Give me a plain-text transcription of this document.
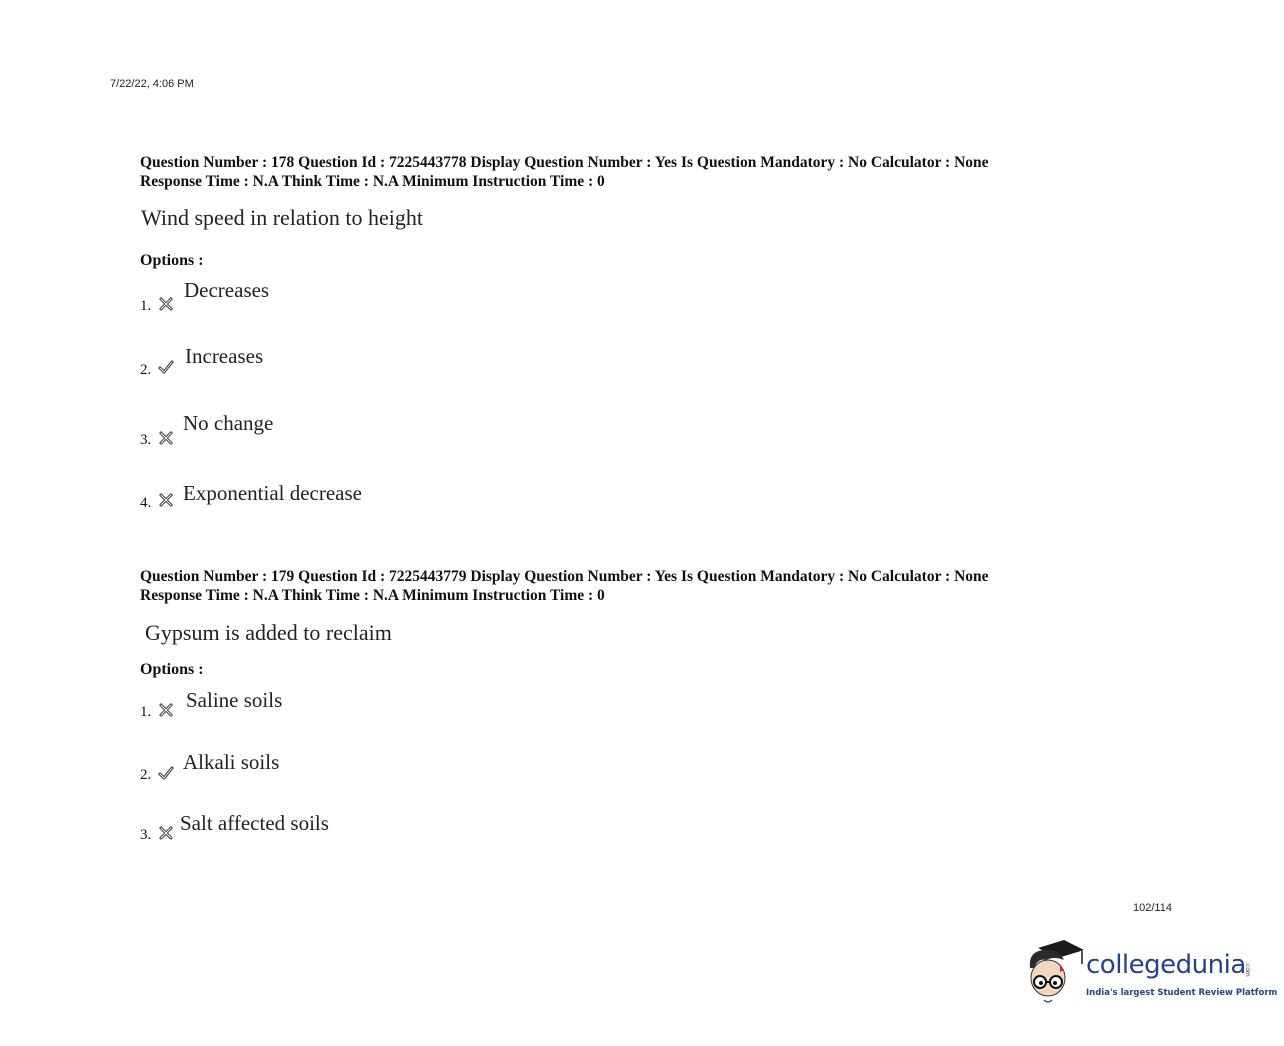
7/22/22, 4:06 PM
Question Number : 178 Question Id : 7225443778 Display Question Number : Yes Is Question Mandatory : No Calculator : None
Response Time : N.A Think Time : N.A Minimum Instruction Time : 0
Wind speed in relation to height
Options :
1.
Decreases
2.
Increases
3.
No change
4. Exponential decrease
Question Number : 179 Question Id : 7225443779 Display Question Number : Yes Is Question Mandatory : No Calculator : None
Response Time : N.A Think Time : N.A Minimum Instruction Time : 0
Gypsum is added to reclaim
Options :
1. Saline soils
2.
Alkali soils
3. Salt affected soils
102/114
collegedunia
.com
India's largest Student Review Platform
